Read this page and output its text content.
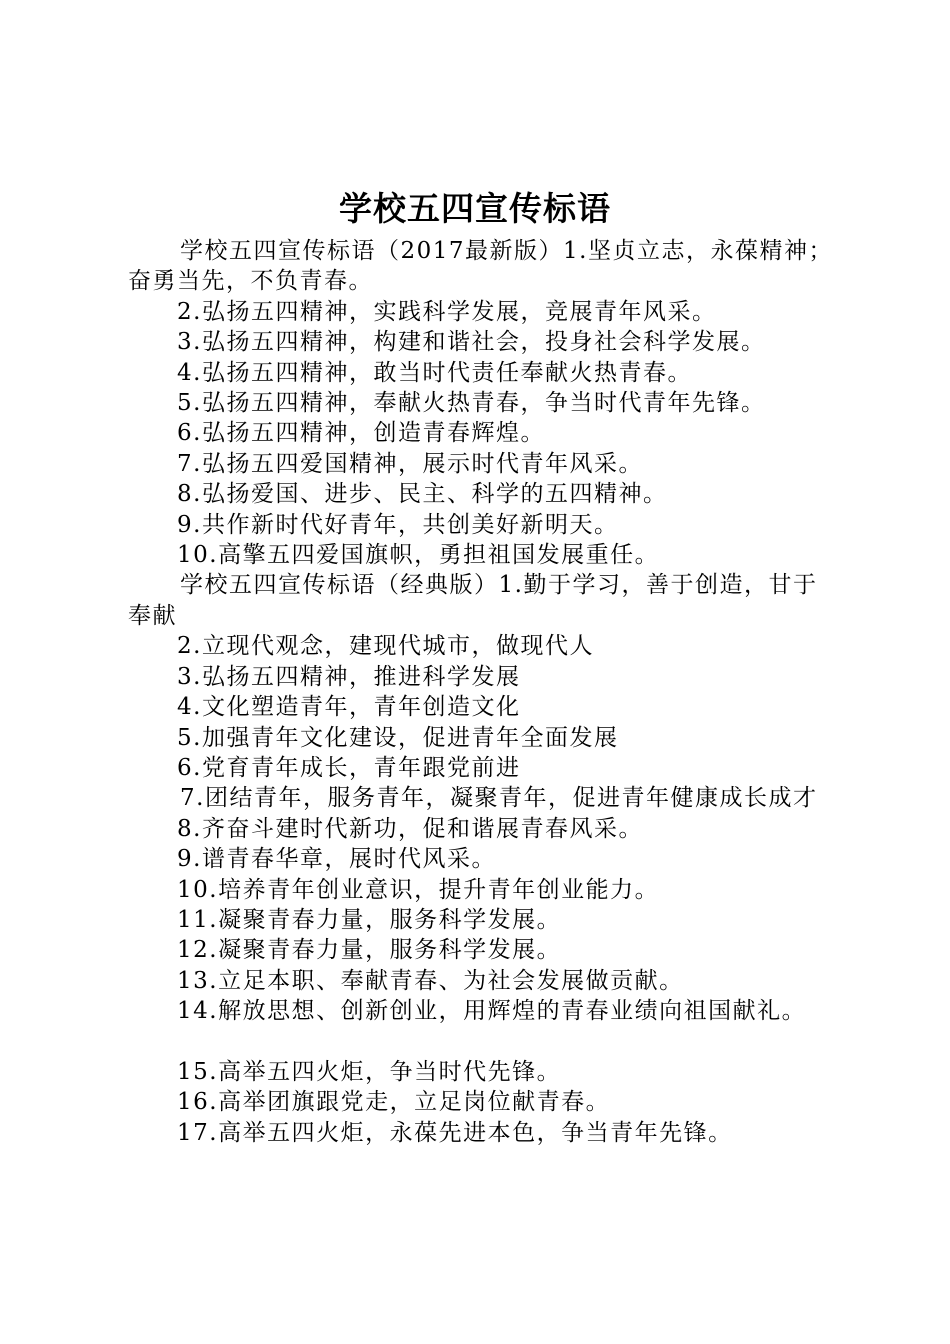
学校五四宣传标语

学校五四宣传标语（2017最新版）1.坚贞立志，永葆精神；奋勇当先，不负青春。

2.弘扬五四精神，实践科学发展，竞展青年风采。

3.弘扬五四精神，构建和谐社会，投身社会科学发展。

4.弘扬五四精神，敢当时代责任奉献火热青春。

5.弘扬五四精神，奉献火热青春，争当时代青年先锋。

6.弘扬五四精神，创造青春辉煌。

7.弘扬五四爱国精神，展示时代青年风采。

8.弘扬爱国、进步、民主、科学的五四精神。

9.共作新时代好青年，共创美好新明天。

10.高擎五四爱国旗帜，勇担祖国发展重任。

学校五四宣传标语（经典版）1.勤于学习，善于创造，甘于奉献

2.立现代观念，建现代城市，做现代人

3.弘扬五四精神，推进科学发展

4.文化塑造青年，青年创造文化

5.加强青年文化建设，促进青年全面发展

6.党育青年成长，青年跟党前进

7.团结青年，服务青年，凝聚青年，促进青年健康成长成才

8.齐奋斗建时代新功，促和谐展青春风采。

9.谱青春华章，展时代风采。

10.培养青年创业意识，提升青年创业能力。

11.凝聚青春力量，服务科学发展。

12.凝聚青春力量，服务科学发展。

13.立足本职、奉献青春、为社会发展做贡献。

14.解放思想、创新创业，用辉煌的青春业绩向祖国献礼。

15.高举五四火炬，争当时代先锋。

16.高举团旗跟党走，立足岗位献青春。

17.高举五四火炬，永葆先进本色，争当青年先锋。
